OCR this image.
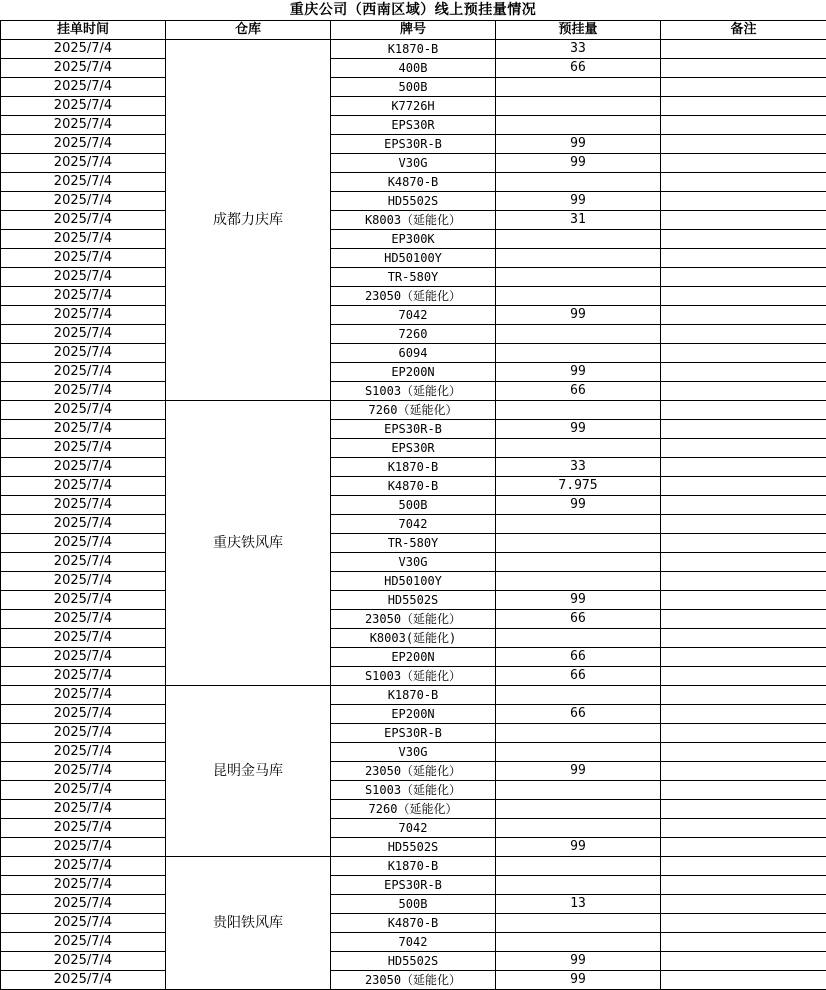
重庆公司（西南区域）线上预挂量情况
挂单时间	仓库	牌号	预挂量	备注
2025/7/4	成都力庆库	K1870-B	33	
2025/7/4		400B	66	
2025/7/4		500B		
2025/7/4		K7726H		
2025/7/4		EPS30R		
2025/7/4		EPS30R-B	99	
2025/7/4		V30G	99	
2025/7/4		K4870-B		
2025/7/4		HD5502S	99	
2025/7/4		K8003（延能化）	31	
2025/7/4		EP300K		
2025/7/4		HD50100Y		
2025/7/4		TR-580Y		
2025/7/4		23050（延能化）		
2025/7/4		7042	99	
2025/7/4		7260		
2025/7/4		6094		
2025/7/4		EP200N	99	
2025/7/4		S1003（延能化）	66	
2025/7/4	重庆铁风库	7260（延能化）		
2025/7/4		EPS30R-B	99	
2025/7/4		EPS30R		
2025/7/4		K1870-B	33	
2025/7/4		K4870-B	7.975	
2025/7/4		500B	99	
2025/7/4		7042		
2025/7/4		TR-580Y		
2025/7/4		V30G		
2025/7/4		HD50100Y		
2025/7/4		HD5502S	99	
2025/7/4		23050（延能化）	66	
2025/7/4		K8003(延能化)		
2025/7/4		EP200N	66	
2025/7/4		S1003（延能化）	66	
2025/7/4	昆明金马库	K1870-B		
2025/7/4		EP200N	66	
2025/7/4		EPS30R-B		
2025/7/4		V30G		
2025/7/4		23050（延能化）	99	
2025/7/4		S1003（延能化）		
2025/7/4		7260（延能化）		
2025/7/4		7042		
2025/7/4		HD5502S	99	
2025/7/4	贵阳铁风库	K1870-B		
2025/7/4		EPS30R-B		
2025/7/4		500B	13	
2025/7/4		K4870-B		
2025/7/4		7042		
2025/7/4		HD5502S	99	
2025/7/4		23050（延能化）	99	
